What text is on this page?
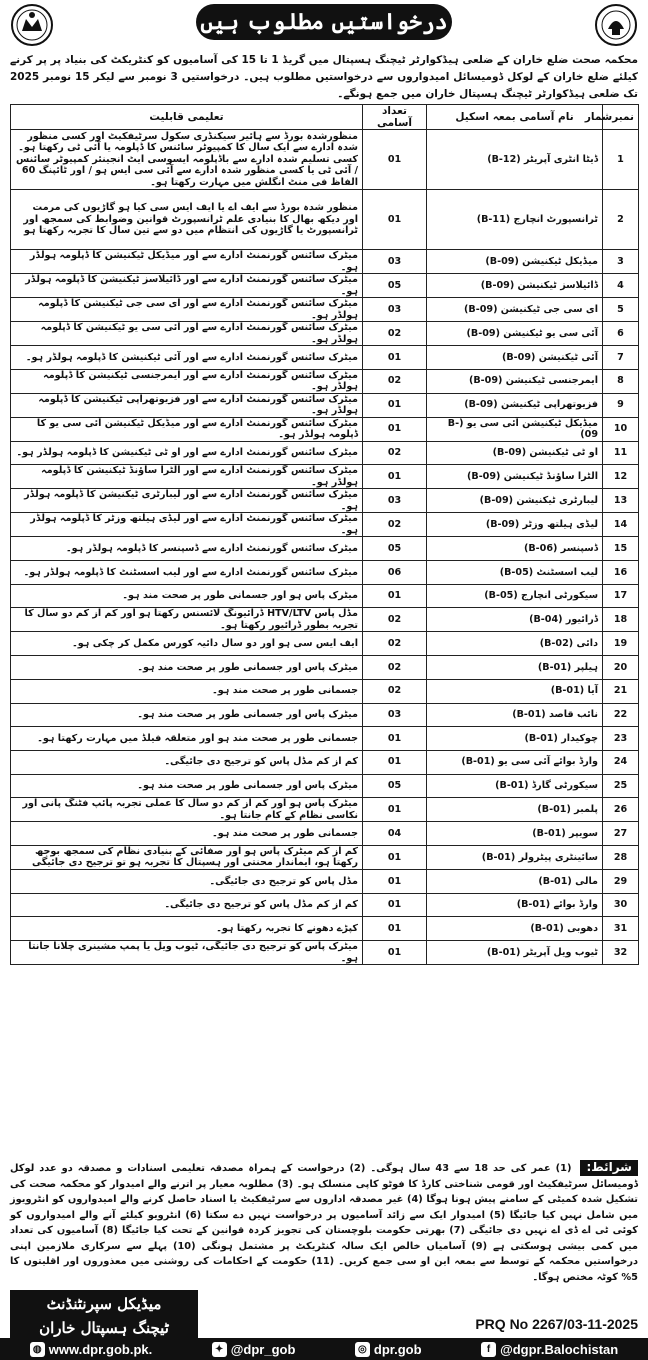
درخواستیں مطلوب ہیں
محکمہ صحت ضلع خاران کے ضلعی ہیڈکوارٹر ٹیچنگ ہسپتال میں گریڈ 1 تا 15 کی آسامیوں کو کنٹریکٹ کی بنیاد پر پر کرنے کیلئے ضلع خاران کے لوکل ڈومیسائل امیدواروں سے درخواستیں مطلوب ہیں۔ درخواستیں 3 نومبر سے لیکر 15 نومبر 2025 تک ضلعی ہیڈکوارٹر ٹیچنگ ہسپتال خاران میں جمع ہونگے۔
نمبرشمار	نام آسامی بمعہ اسکیل	تعداد آسامی	تعلیمی قابلیت
1	ڈیٹا انٹری آپریٹر (B-12)	01	منظورشدہ بورڈ سے ہائیر سیکنڈری سکول سرٹیفکیٹ اور کسی منظور شدہ ادارے سے ایک سال کا کمپیوٹر سائنس کا ڈپلومہ یا آئی ٹی رکھتا ہو۔ کسی تسلیم شدہ ادارے سے باڈپلومہ ایسوسی ایٹ انجینئر کمپیوٹر سائنس / آئی ٹی یا کسی منظور شدہ ادارے سے آئی سی ایس ہو / اور ٹائپنگ 60 الفاظ فی منٹ انگلش میں مہارت رکھتا ہو۔
2	ٹرانسپورٹ انچارج (B-11)	01	منظور شدہ بورڈ سے ایف اے یا ایف ایس سی کیا ہو گاڑیوں کی مرمت اور دیکھ بھال کا بنیادی علم ٹرانسپورٹ قوانین وضوابط کی سمجھ اور ٹرانسپورٹ یا گاڑیوں کی انتظام میں دو سے تین سال کا تجربہ رکھتا ہو
3	میڈیکل ٹیکنیشن (B-09)	03	میٹرک سائنس گورنمنٹ ادارے سے اور میڈیکل ٹیکنیشن کا ڈپلومہ ہولڈر ہو۔
4	ڈائیلاسز ٹیکنیشن (B-09)	05	میٹرک سائنس گورنمنٹ ادارے سے اور ڈائیلاسز ٹیکنیشن کا ڈپلومہ ہولڈر ہو۔
5	ای سی جی ٹیکنیشن (B-09)	03	میٹرک سائنس گورنمنٹ ادارے سے اور ای سی جی ٹیکنیشن کا ڈپلومہ ہولڈر ہو۔
6	آئی سی یو ٹیکنیشن (B-09)	02	میٹرک سائنس گورنمنٹ ادارے سے اور آئی سی یو ٹیکنیشن کا ڈپلومہ ہولڈر ہو۔
7	آئی ٹیکنیشن (B-09)	01	میٹرک سائنس گورنمنٹ ادارے سے اور آئی ٹیکنیشن کا ڈپلومہ ہولڈر ہو۔
8	ایمرجنسی ٹیکنیشن (B-09)	02	میٹرک سائنس گورنمنٹ ادارے سے اور ایمرجنسی ٹیکنیشن کا ڈپلومہ ہولڈر ہو۔
9	فزیوتھراپی ٹیکنیشن (B-09)	01	میٹرک سائنس گورنمنٹ ادارے سے اور فزیوتھراپی ٹیکنیشن کا ڈپلومہ ہولڈر ہو۔
10	میڈیکل ٹیکنیشن آئی سی یو (B-09)	01	میٹرک سائنس گورنمنٹ ادارے سے اور میڈیکل ٹیکنیشن آئی سی یو کا ڈپلومہ ہولڈر ہو۔
11	او ٹی ٹیکنیشن (B-09)	02	میٹرک سائنس گورنمنٹ ادارے سے اور او ٹی ٹیکنیشن کا ڈپلومہ ہولڈر ہو۔
12	الٹرا ساؤنڈ ٹیکنیشن (B-09)	01	میٹرک سائنس گورنمنٹ ادارے سے اور الٹرا ساؤنڈ ٹیکنیشن کا ڈپلومہ ہولڈر ہو۔
13	لیبارٹری ٹیکنیشن (B-09)	03	میٹرک سائنس گورنمنٹ ادارے سے اور لیبارٹری ٹیکنیشن کا ڈپلومہ ہولڈر ہو۔
14	لیڈی ہیلتھ وزٹر (B-09)	02	میٹرک سائنس گورنمنٹ ادارے سے اور لیڈی ہیلتھ وزٹر کا ڈپلومہ ہولڈر ہو۔
15	ڈسپنسر (B-06)	05	میٹرک سائنس گورنمنٹ ادارے سے ڈسپنسر کا ڈپلومہ ہولڈر ہو۔
16	لیب اسسٹنٹ (B-05)	06	میٹرک سائنس گورنمنٹ ادارے سے اور لیب اسسٹنٹ کا ڈپلومہ ہولڈر ہو۔
17	سیکورٹی انچارج (B-05)	01	میٹرک پاس ہو اور جسمانی طور پر صحت مند ہو۔
18	ڈرائیور (B-04)	02	مڈل پاس HTV/LTV ڈرائیونگ لائسنس رکھتا ہو اور کم از کم دو سال کا تجربہ بطور ڈرائیور رکھتا ہو۔
19	دائی (B-02)	02	ایف ایس سی ہو اور دو سال دائیہ کورس مکمل کر چکی ہو۔
20	ہیلپر (B-01)	02	میٹرک پاس اور جسمانی طور پر صحت مند ہو۔
21	آیا (B-01)	02	جسمانی طور پر صحت مند ہو۔
22	نائب قاصد (B-01)	03	میٹرک پاس اور جسمانی طور پر صحت مند ہو۔
23	چوکیدار (B-01)	01	جسمانی طور پر صحت مند ہو اور متعلقہ فیلڈ میں مہارت رکھتا ہو۔
24	وارڈ بوائے آئی سی یو (B-01)	01	کم از کم مڈل پاس کو ترجیح دی جائیگی۔
25	سیکورٹی گارڈ (B-01)	05	میٹرک پاس اور جسمانی طور پر صحت مند ہو۔
26	پلمبر (B-01)	01	میٹرک پاس ہو اور کم از کم دو سال کا عملی تجربہ پائپ فٹنگ پانی اور نکاسی نظام کے کام جانتا ہو۔
27	سویپر (B-01)	04	جسمانی طور پر صحت مند ہو۔
28	سائینٹری پیٹرولر (B-01)	01	کم از کم میٹرک پاس ہو اور صفائی کے بنیادی نظام کی سمجھ بوجھ رکھتا ہو، ایماندار محنتی اور ہسپتال کا تجربہ ہو تو ترجیح دی جائیگی
29	مالی (B-01)	01	مڈل پاس کو ترجیح دی جائیگی۔
30	وارڈ بوائے (B-01)	01	کم از کم مڈل پاس کو ترجیح دی جائیگی۔
31	دھوبی (B-01)	01	کپڑے دھونے کا تجربہ رکھتا ہو۔
32	ٹیوب ویل آپریٹر (B-01)	01	میٹرک پاس کو ترجیح دی جائیگی، ٹیوب ویل یا پمپ مشینری چلانا جانتا ہو۔
شرائط: (1) عمر کی حد 18 سے 43 سال ہوگی۔ (2) درخواست کے ہمراہ مصدقہ تعلیمی اسنادات و مصدقہ دو عدد لوکل ڈومیسائل سرٹیفکیٹ اور قومی شناختی کارڈ کا فوٹو کاپی منسلک ہو۔ (3) مطلوبہ معیار پر اترنے والے امیدوار کو محکمہ صحت کی تشکیل شدہ کمیٹی کے سامنے پیش ہونا ہوگا (4) غیر مصدقہ اداروں سے سرٹیفکیٹ یا اسناد حاصل کرنے والے امیدواروں کو انٹرویوز میں شامل نہیں کیا جائیگا (5) امیدوار ایک سے زائد آسامیوں پر درخواست نہیں دے سکتا (6) انٹرویو کیلئے آنے والے امیدواروں کو کوئی ٹی اے ڈی اے نہیں دی جائیگی (7) بھرتی حکومت بلوچستان کی تجویز کردہ قوانین کے تحت کیا جائیگا (8) آسامیوں کی تعداد میں کمی بیشی ہوسکتی ہے (9) آسامیاں خالص ایک سالہ کنٹریکٹ پر مشتمل ہونگی (10) پہلے سے سرکاری ملازمین اپنی درخواستیں محکمہ کے توسط سے بمعہ این او سی جمع کریں۔ (11) حکومت کے احکامات کی روشنی میں معذوروں اور اقلیتوں کا 5% کوٹہ مختص ہوگا۔
میڈیکل سپرنٹنڈنٹ
ٹیچنگ ہسپتال خاران	PRQ No 2267/03-11-2025
◍ www.dpr.gob.pk.	✦ @dpr_gob	◎ dpr.gob	f @dgpr.Balochistan
